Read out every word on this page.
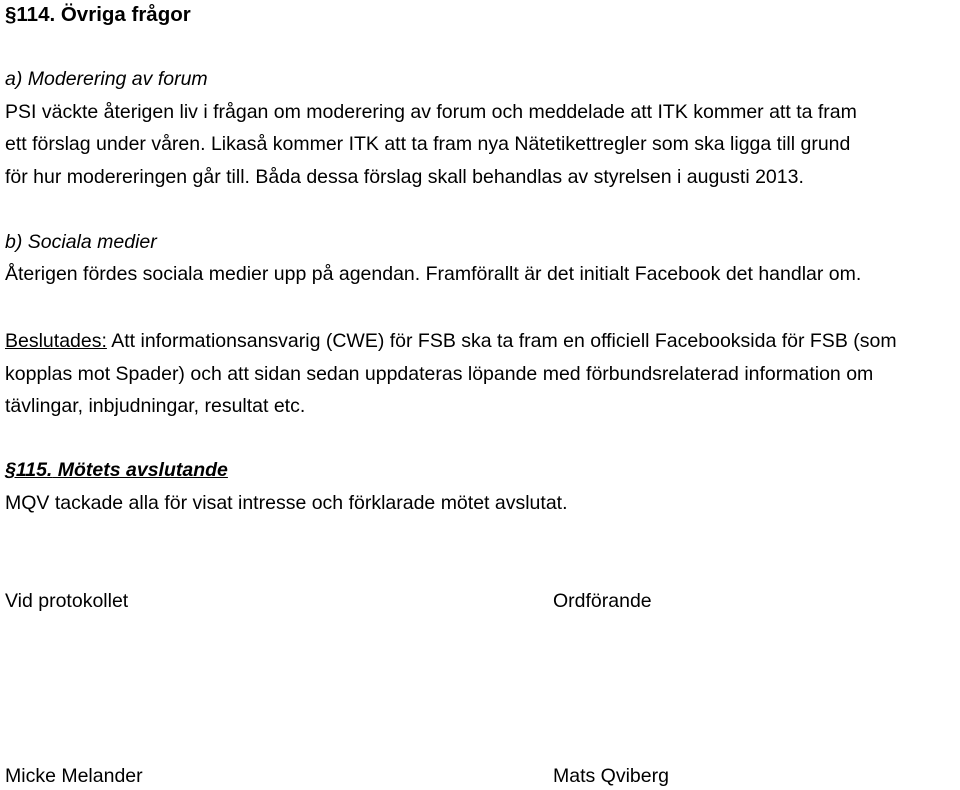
§114. Övriga frågor
a) Moderering av forum
PSI väckte återigen liv i frågan om moderering av forum och meddelade att ITK kommer att ta fram
ett förslag under våren. Likaså kommer ITK att ta fram nya Nätetikettregler som ska ligga till grund
för hur modereringen går till. Båda dessa förslag skall behandlas av styrelsen i augusti 2013.
b) Sociala medier
Återigen fördes sociala medier upp på agendan. Framförallt är det initialt Facebook det handlar om.
Beslutades: Att informationsansvarig (CWE) för FSB ska ta fram en officiell Facebooksida för FSB (som
kopplas mot Spader) och att sidan sedan uppdateras löpande med förbundsrelaterad information om
tävlingar, inbjudningar, resultat etc.
§115. Mötets avslutande
MQV tackade alla för visat intresse och förklarade mötet avslutat.
Vid protokollet	Ordförande
Micke Melander	Mats Qviberg
